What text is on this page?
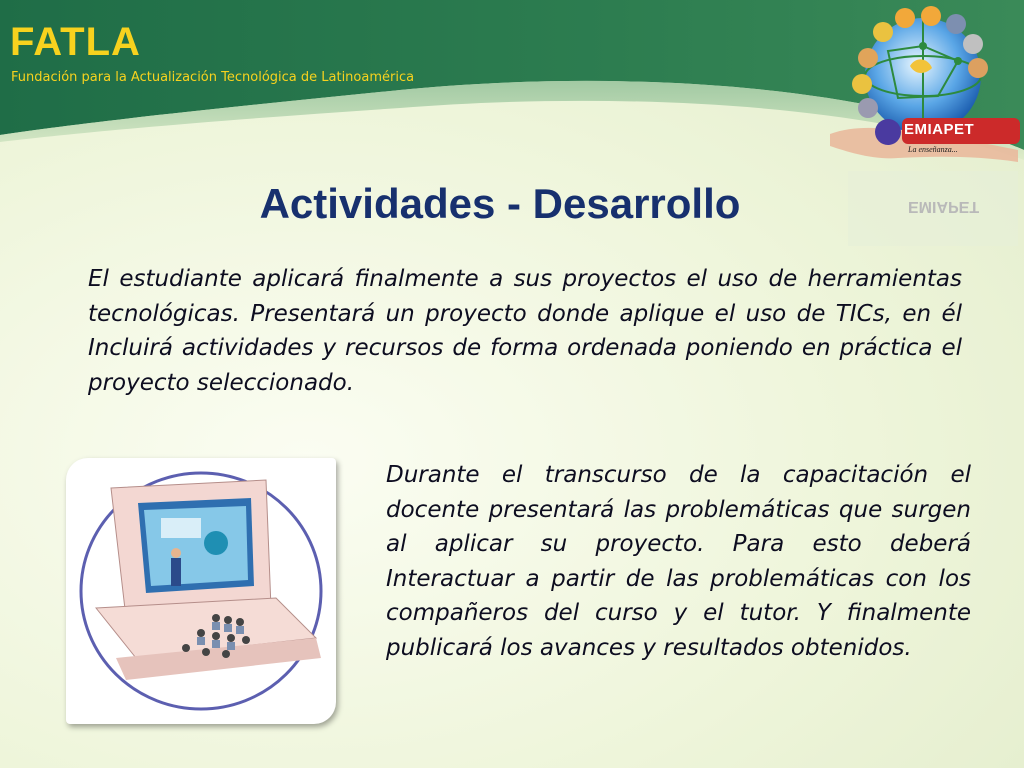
FATLA
Fundación para la Actualización Tecnológica de Latinoamérica
EMIAPET
EMIAPET
La enseñanza...
Actividades - Desarrollo
El estudiante aplicará finalmente a sus proyectos el uso de herramientas tecnológicas. Presentará un proyecto donde aplique el uso de TICs, en él Incluirá actividades y recursos de forma ordenada poniendo en práctica el proyecto seleccionado.
Durante el transcurso de la capacitación el docente presentará las problemáticas que surgen al aplicar su proyecto. Para esto deberá Interactuar a partir de las problemáticas con los compañeros del curso y el tutor. Y finalmente publicará los avances y resultados obtenidos.
